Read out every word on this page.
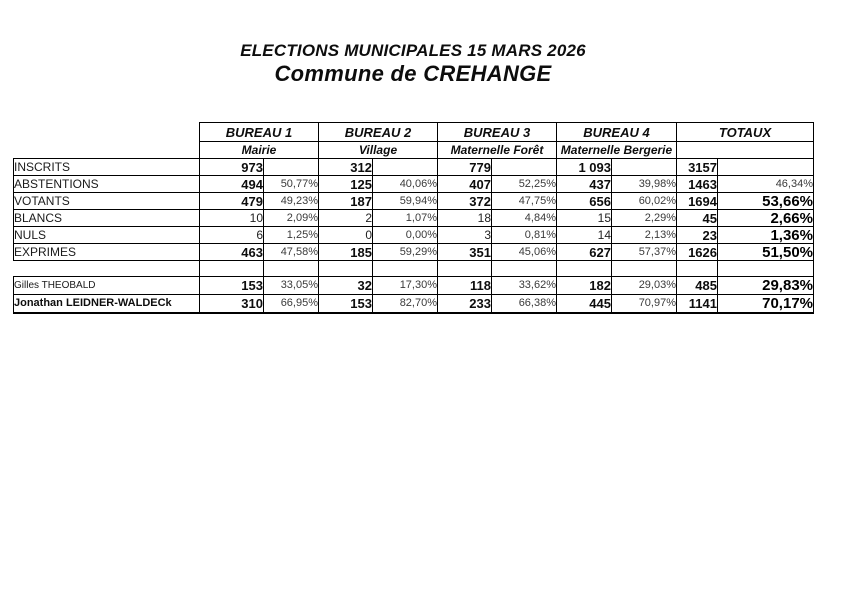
ELECTIONS MUNICIPALES 15 MARS 2026
Commune de CREHANGE
	BUREAU 1		BUREAU 2		BUREAU 3		BUREAU 4		TOTAUX	
	Mairie		Village		Maternelle Forêt		Maternelle Bergerie			
INSCRITS	973		312		779		1 093		3157	
ABSTENTIONS	494	50,77%	125	40,06%	407	52,25%	437	39,98%	1463	46,34%
VOTANTS	479	49,23%	187	59,94%	372	47,75%	656	60,02%	1694	53,66%
BLANCS	10	2,09%	2	1,07%	18	4,84%	15	2,29%	45	2,66%
NULS	6	1,25%	0	0,00%	3	0,81%	14	2,13%	23	1,36%
EXPRIMES	463	47,58%	185	59,29%	351	45,06%	627	57,37%	1626	51,50%

Gilles THEOBALD	153	33,05%	32	17,30%	118	33,62%	182	29,03%	485	29,83%
Jonathan LEIDNER-WALDECk	310	66,95%	153	82,70%	233	66,38%	445	70,97%	1141	70,17%
